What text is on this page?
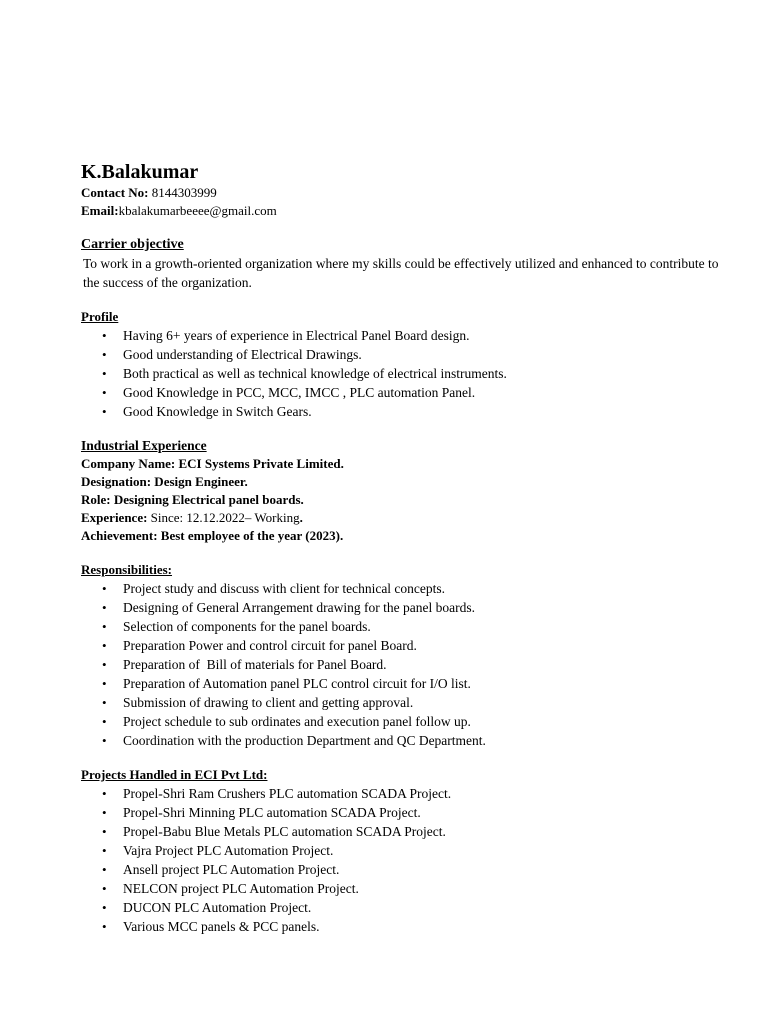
K.Balakumar
Contact No: 8144303999
Email:kbalakumarbeeee@gmail.com
Carrier objective

To work in a growth-oriented organization where my skills could be effectively utilized and enhanced to contribute to the success of the organization.

Profile
• Having 6+ years of experience in Electrical Panel Board design.
• Good understanding of Electrical Drawings.
• Both practical as well as technical knowledge of electrical instruments.
• Good Knowledge in PCC, MCC, IMCC , PLC automation Panel.
• Good Knowledge in Switch Gears.
Industrial Experience
Company Name: ECI Systems Private Limited.
Designation: Design Engineer.
Role: Designing Electrical panel boards.
Experience: Since: 12.12.2022– Working.
Achievement: Best employee of the year (2023).
Responsibilities:
• Project study and discuss with client for technical concepts.
• Designing of General Arrangement drawing for the panel boards.
• Selection of components for the panel boards.
• Preparation Power and control circuit for panel Board.
• Preparation of  Bill of materials for Panel Board.
• Preparation of Automation panel PLC control circuit for I/O list.
• Submission of drawing to client and getting approval.
• Project schedule to sub ordinates and execution panel follow up.
• Coordination with the production Department and QC Department.
Projects Handled in ECI Pvt Ltd:
• Propel-Shri Ram Crushers PLC automation SCADA Project.
• Propel-Shri Minning PLC automation SCADA Project.
• Propel-Babu Blue Metals PLC automation SCADA Project.
• Vajra Project PLC Automation Project.
• Ansell project PLC Automation Project.
• NELCON project PLC Automation Project.
• DUCON PLC Automation Project.
• Various MCC panels & PCC panels.
